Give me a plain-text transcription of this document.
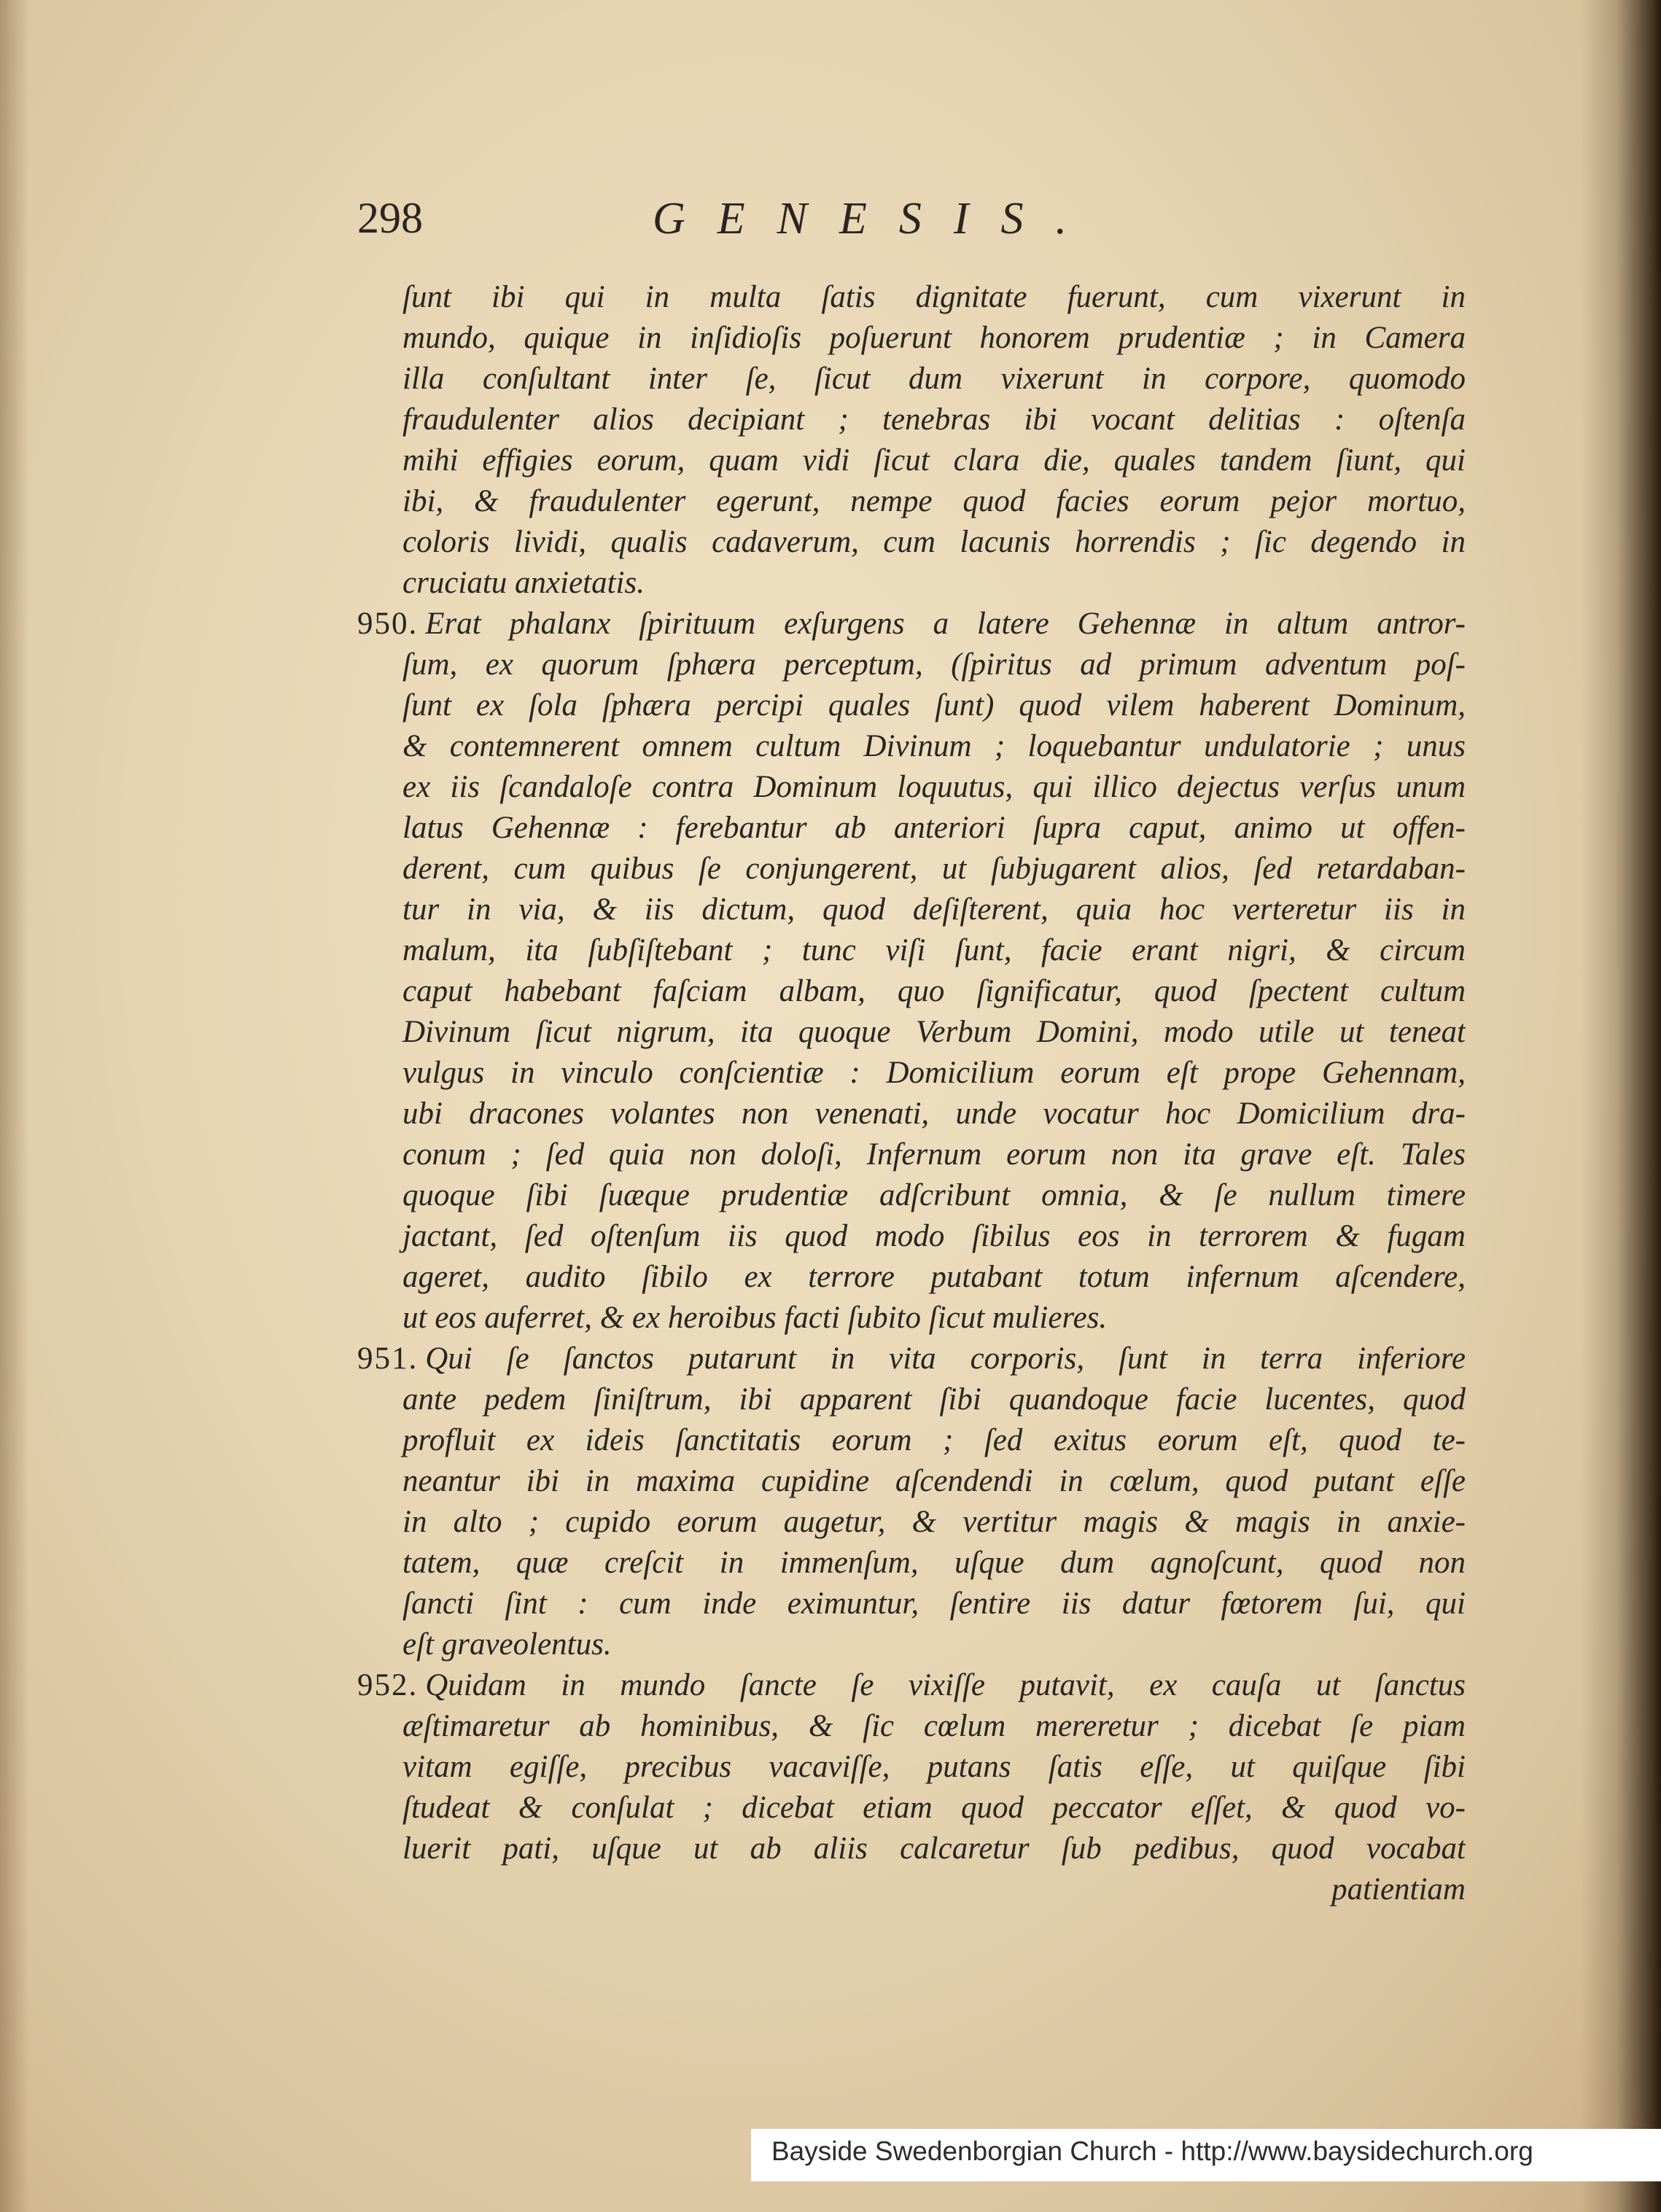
298	GENESIS.
ſunt ibi qui in multa ſatis dignitate fuerunt, cum vixerunt in
mundo, quique in inſidioſis poſuerunt honorem prudentiæ ; in Camera
illa conſultant inter ſe, ſicut dum vixerunt in corpore, quomodo
fraudulenter alios decipiant ; tenebras ibi vocant delitias : oſtenſa
mihi effigies eorum, quam vidi ſicut clara die, quales tandem ſiunt, qui
ibi, & fraudulenter egerunt, nempe quod facies eorum pejor mortuo,
coloris lividi, qualis cadaverum, cum lacunis horrendis ; ſic degendo in
cruciatu anxietatis.
950. Erat phalanx ſpirituum exſurgens a latere Gehennæ in altum antror-
ſum, ex quorum ſphæra perceptum, (ſpiritus ad primum adventum poſ-
ſunt ex ſola ſphæra percipi quales ſunt) quod vilem haberent Dominum,
& contemnerent omnem cultum Divinum ; loquebantur undulatorie ; unus
ex iis ſcandaloſe contra Dominum loquutus, qui illico dejectus verſus unum
latus Gehennæ : ferebantur ab anteriori ſupra caput, animo ut offen-
derent, cum quibus ſe conjungerent, ut ſubjugarent alios, ſed retardaban-
tur in via, & iis dictum, quod deſiſterent, quia hoc verteretur iis in
malum, ita ſubſiſtebant ; tunc viſi ſunt, facie erant nigri, & circum
caput habebant faſciam albam, quo ſignificatur, quod ſpectent cultum
Divinum ſicut nigrum, ita quoque Verbum Domini, modo utile ut teneat
vulgus in vinculo conſcientiæ : Domicilium eorum eſt prope Gehennam,
ubi dracones volantes non venenati, unde vocatur hoc Domicilium dra-
conum ; ſed quia non doloſi, Infernum eorum non ita grave eſt. Tales
quoque ſibi ſuæque prudentiæ adſcribunt omnia, & ſe nullum timere
jactant, ſed oſtenſum iis quod modo ſibilus eos in terrorem & fugam
ageret, audito ſibilo ex terrore putabant totum infernum aſcendere,
ut eos auferret, & ex heroibus facti ſubito ſicut mulieres.
951. Qui ſe ſanctos putarunt in vita corporis, ſunt in terra inferiore
ante pedem ſiniſtrum, ibi apparent ſibi quandoque facie lucentes, quod
profluit ex ideis ſanctitatis eorum ; ſed exitus eorum eſt, quod te-
neantur ibi in maxima cupidine aſcendendi in cœlum, quod putant eſſe
in alto ; cupido eorum augetur, & vertitur magis & magis in anxie-
tatem, quæ creſcit in immenſum, uſque dum agnoſcunt, quod non
ſancti ſint : cum inde eximuntur, ſentire iis datur fœtorem ſui, qui
eſt graveolentus.
952. Quidam in mundo ſancte ſe vixiſſe putavit, ex cauſa ut ſanctus
æſtimaretur ab hominibus, & ſic cœlum mereretur ; dicebat ſe piam
vitam egiſſe, precibus vacaviſſe, putans ſatis eſſe, ut quiſque ſibi
ſtudeat & conſulat ; dicebat etiam quod peccator eſſet, & quod vo-
luerit pati, uſque ut ab aliis calcaretur ſub pedibus, quod vocabat
patientiam
Bayside Swedenborgian Church - http://www.baysidechurch.org
